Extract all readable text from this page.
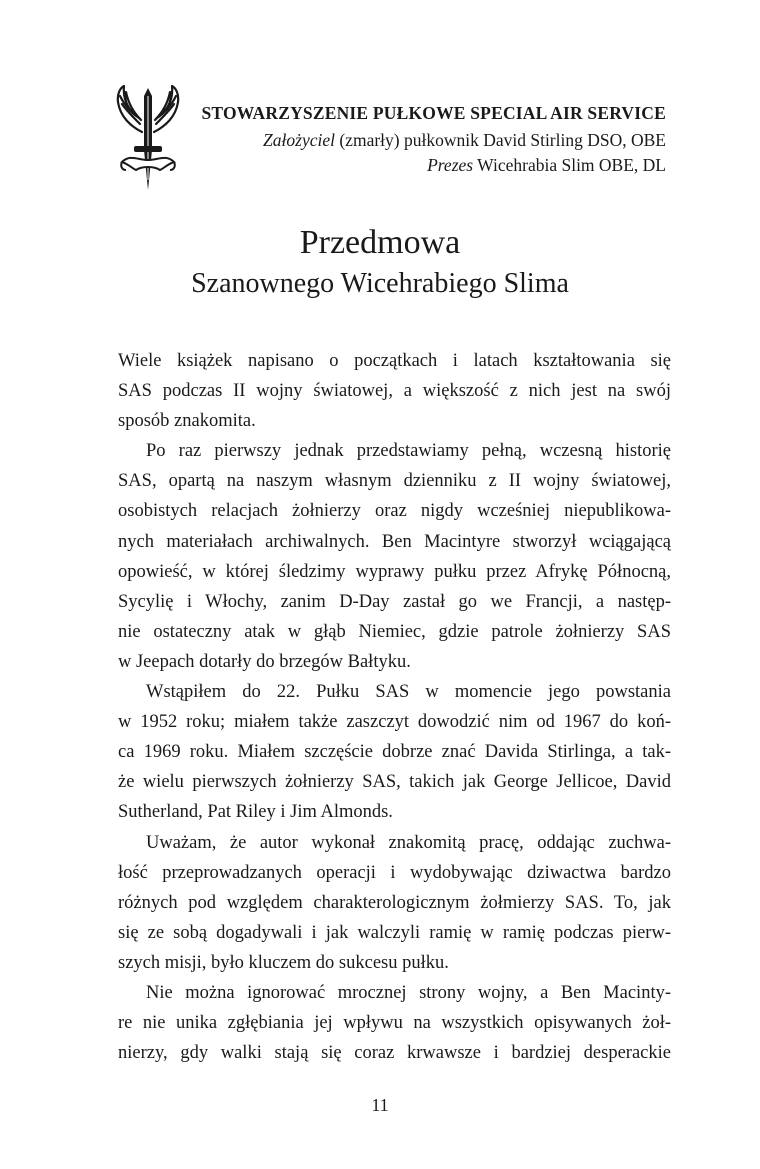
STOWARZYSZENIE PUŁKOWE SPECIAL AIR SERVICE
Założyciel (zmarły) pułkownik David Stirling DSO, OBE
Prezes Wicehrabia Slim OBE, DL
Przedmowa
Szanownego Wicehrabiego Slima
Wiele książek napisano o początkach i latach kształtowania się
SAS podczas II wojny światowej, a większość z nich jest na swój
sposób znakomita.
Po raz pierwszy jednak przedstawiamy pełną, wczesną historię
SAS, opartą na naszym własnym dzienniku z II wojny światowej,
osobistych relacjach żołnierzy oraz nigdy wcześniej niepublikowa-
nych materiałach archiwalnych. Ben Macintyre stworzył wciągającą
opowieść, w której śledzimy wyprawy pułku przez Afrykę Północną,
Sycylię i Włochy, zanim D-Day zastał go we Francji, a następ-
nie ostateczny atak w głąb Niemiec, gdzie patrole żołnierzy SAS
w Jeepach dotarły do brzegów Bałtyku.
Wstąpiłem do 22. Pułku SAS w momencie jego powstania
w 1952 roku; miałem także zaszczyt dowodzić nim od 1967 do koń-
ca 1969 roku. Miałem szczęście dobrze znać Davida Stirlinga, a tak-
że wielu pierwszych żołnierzy SAS, takich jak George Jellicoe, David
Sutherland, Pat Riley i Jim Almonds.
Uważam, że autor wykonał znakomitą pracę, oddając zuchwa-
łość przeprowadzanych operacji i wydobywając dziwactwa bardzo
różnych pod względem charakterologicznym żołmierzy SAS. To, jak
się ze sobą dogadywali i jak walczyli ramię w ramię podczas pierw-
szych misji, było kluczem do sukcesu pułku.
Nie można ignorować mrocznej strony wojny, a Ben Macinty-
re nie unika zgłębiania jej wpływu na wszystkich opisywanych żoł-
nierzy, gdy walki stają się coraz krwawsze i bardziej desperackie
11
